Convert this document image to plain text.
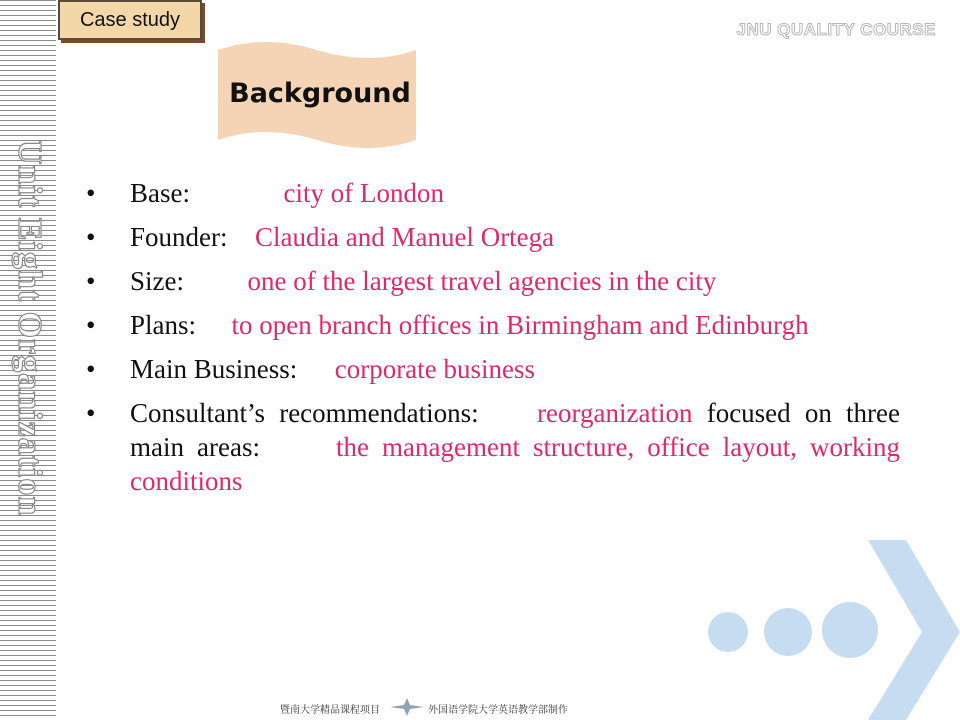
Unit Eight Organization
Case study	JNU QUALITY COURSE
Background
• Base:	city of London
• Founder: Claudia and Manuel Ortega
• Size: one of the largest travel agencies in the city
• Plans: to open branch offices in Birmingham and Edinburgh
• Main Business: corporate business
• Consultant’s recommendations: reorganization focused on three main areas:	the management structure, office layout, working conditions
暨南大学精品课程项目	外国语学院大学英语教学部制作
